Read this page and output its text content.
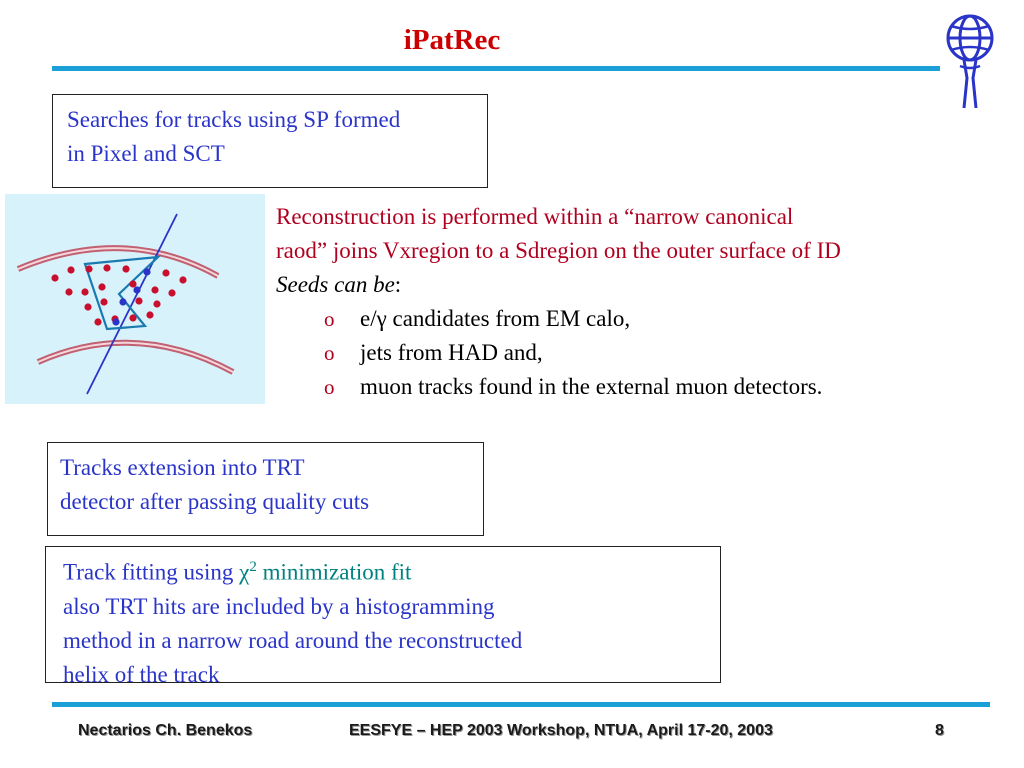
iPatRec
Searches for tracks using SP formed
in Pixel and SCT
Reconstruction is performed within a “narrow canonical
raod” joins Vxregion to a Sdregion on the outer surface of ID
Seeds can be:
o e/γ candidates from EM calo,
o jets from HAD and,
o muon tracks found in the external muon detectors.
Tracks extension into TRT
detector after passing quality cuts
Track fitting using $\chi^2$ minimization fit
also TRT hits are included by a histogramming
method in a narrow road around the reconstructed
helix of the track
Nectarios Ch. Benekos	EESFYE – HEP 2003 Workshop, NTUA, April 17-20, 2003	8
